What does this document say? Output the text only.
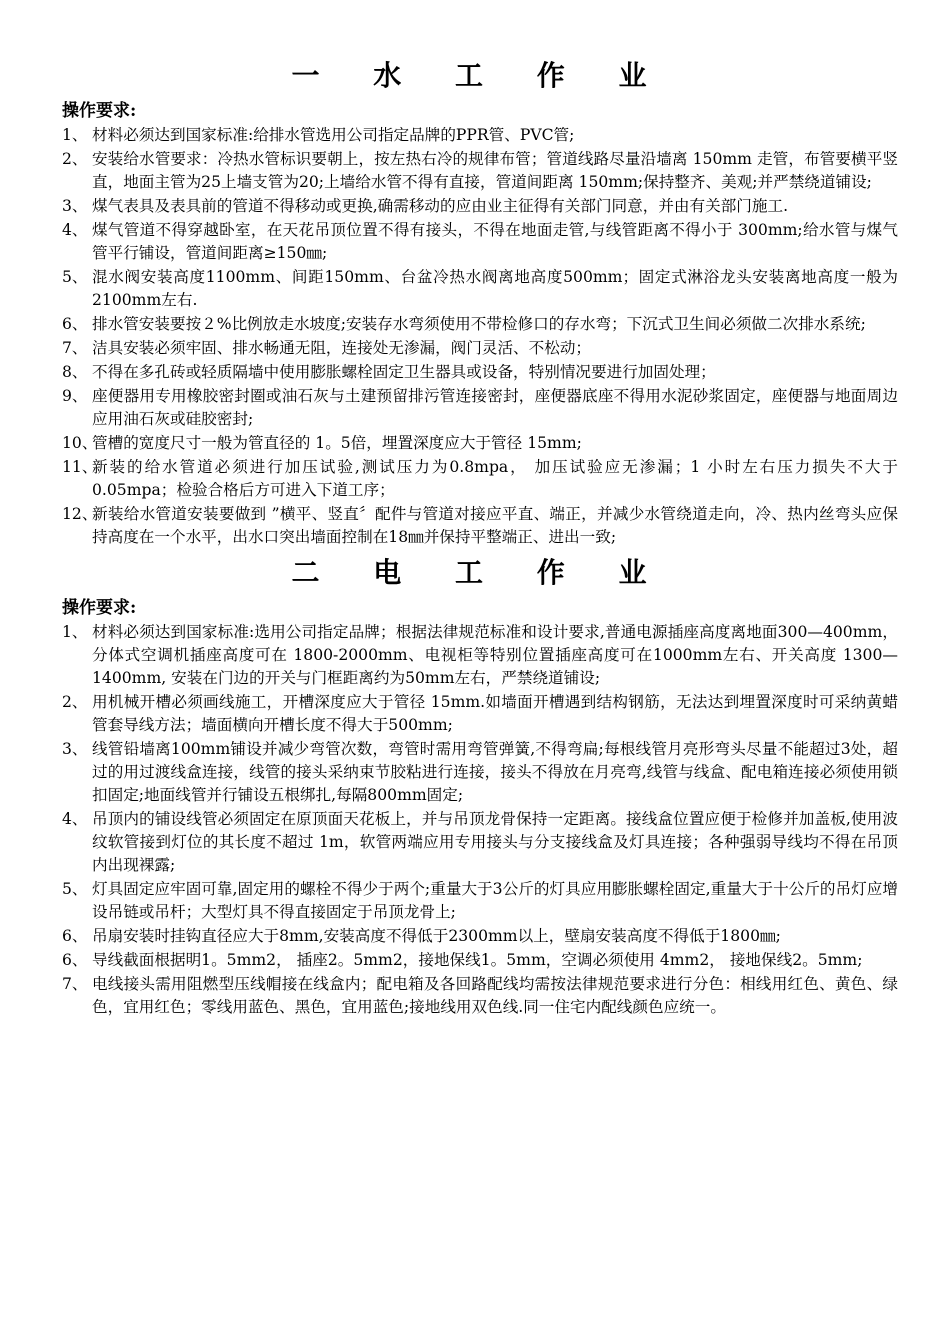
一 水 工 作 业
操作要求:
1、 材料必须达到国家标准:给排水管选用公司指定品牌的PPR管、PVC管;
2、 安装给水管要求：冷热水管标识要朝上，按左热右冷的规律布管；管道线路尽量沿墙离 150mm 走管，布管要横平竖直，地面主管为25上墙支管为20;上墙给水管不得有直接，管道间距离 150mm;保持整齐、美观;并严禁绕道铺设;
3、 煤气表具及表具前的管道不得移动或更换,确需移动的应由业主征得有关部门同意，并由有关部门施工.
4、 煤气管道不得穿越卧室，在天花吊顶位置不得有接头，不得在地面走管,与线管距离不得小于 300mm;给水管与煤气管平行铺设，管道间距离≥150㎜;
5、 混水阀安装高度1100mm、间距150mm、台盆冷热水阀离地高度500mm；固定式淋浴龙头安装离地高度一般为2100mm左右.
6、 排水管安装要按２%比例放走水坡度;安装存水弯须使用不带检修口的存水弯；下沉式卫生间必须做二次排水系统;
7、 洁具安装必须牢固、排水畅通无阻，连接处无渗漏，阀门灵活、不松动；
8、 不得在多孔砖或轻质隔墙中使用膨胀螺栓固定卫生器具或设备，特别情况要进行加固处理；
9、 座便器用专用橡胶密封圈或油石灰与土建预留排污管连接密封，座便器底座不得用水泥砂浆固定，座便器与地面周边应用油石灰或硅胶密封;
10、
管槽的宽度尺寸一般为管直径的 1。5倍，埋置深度应大于管径 15mm;
11、
新装的给水管道必须进行加压试验,测试压力为0.8mpa， 加压试验应无渗漏；1 小时左右压力损失不大于 0.05mpa；检验合格后方可进入下道工序；
12、
新装给水管道安装要做到 ”横平、竖直〞配件与管道对接应平直、端正，并减少水管绕道走向，冷、热内丝弯头应保持高度在一个水平，出水口突出墙面控制在18㎜并保持平整端正、进出一致;
二 电 工 作 业
操作要求:
1、 材料必须达到国家标准:选用公司指定品牌；根据法律规范标准和设计要求,普通电源插座高度离地面300—400mm， 分体式空调机插座高度可在 1800-2000mm、电视柜等特别位置插座高度可在1000mm左右、开关高度 1300—1400mm, 安装在门边的开关与门框距离约为50mm左右，严禁绕道铺设;
2、 用机械开槽必须画线施工，开槽深度应大于管径 15mm.如墙面开槽遇到结构钢筋，无法达到埋置深度时可采纳黄蜡管套导线方法；墙面横向开槽长度不得大于500mm;
3、 线管铅墙离100mm铺设并减少弯管次数，弯管时需用弯管弹簧,不得弯扁;每根线管月亮形弯头尽量不能超过3处，超过的用过渡线盒连接，线管的接头采纳束节胶粘进行连接，接头不得放在月亮弯,线管与线盒、配电箱连接必须使用锁扣固定;地面线管并行铺设五根绑扎,每隔800mm固定;
4、 吊顶内的铺设线管必须固定在原顶面天花板上，并与吊顶龙骨保持一定距离。接线盒位置应便于检修并加盖板,使用波纹软管接到灯位的其长度不超过 1m，软管两端应用专用接头与分支接线盒及灯具连接；各种强弱导线均不得在吊顶内出现裸露;
5、 灯具固定应牢固可靠,固定用的螺栓不得少于两个;重量大于3公斤的灯具应用膨胀螺栓固定,重量大于十公斤的吊灯应增设吊链或吊杆；大型灯具不得直接固定于吊顶龙骨上;
6、 吊扇安装时挂钩直径应大于8mm,安装高度不得低于2300mm以上，壁扇安装高度不得低于1800㎜;
6、 导线截面根据明1。5mm2， 插座2。5mm2，接地保线1。5mm，空调必须使用 4mm2， 接地保线2。5mm;
7、 电线接头需用阻燃型压线帽接在线盒内；配电箱及各回路配线均需按法律规范要求进行分色：相线用红色、黄色、绿色，宜用红色；零线用蓝色、黑色，宜用蓝色;接地线用双色线.同一住宅内配线颜色应统一。
